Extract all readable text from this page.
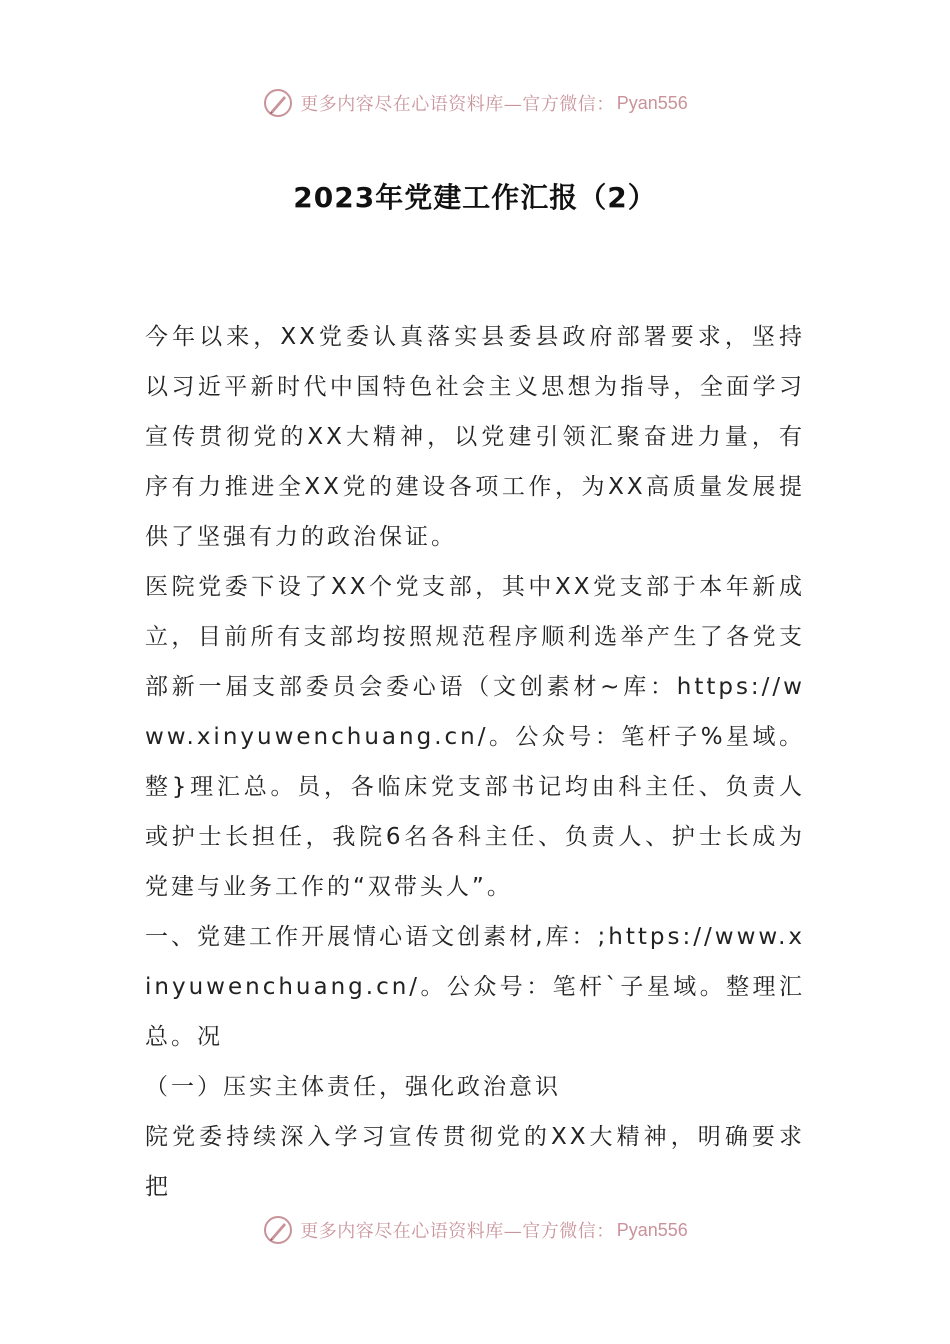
更多内容尽在心语资料库—官方微信： Pyan556
2023年党建工作汇报（2）

今年以来，XX党委认真落实县委县政府部署要求，坚持以习近平新时代中国特色社会主义思想为指导，全面学习宣传贯彻党的XX大精神，以党建引领汇聚奋进力量，有序有力推进全XX党的建设各项工作，为XX高质量发展提供了坚强有力的政治保证。

医院党委下设了XX个党支部，其中XX党支部于本年新成立，目前所有支部均按照规范程序顺利选举产生了各党支部新一届支部委员会委心语（文创素材~库：https://www.xinyuwenchuang.cn/。公众号：笔杆子%星域。整}理汇总。员，各临床党支部书记均由科主任、负责人或护士长担任，我院6名各科主任、负责人、护士长成为党建与业务工作的“双带头人”。

一、党建工作开展情心语文创素材,库：;https://www.xinyuwenchuang.cn/。公众号：笔杆`子星域。整理汇总。况

（一）压实主体责任，强化政治意识

院党委持续深入学习宣传贯彻党的XX大精神，明确要求把

更多内容尽在心语资料库—官方微信： Pyan556
